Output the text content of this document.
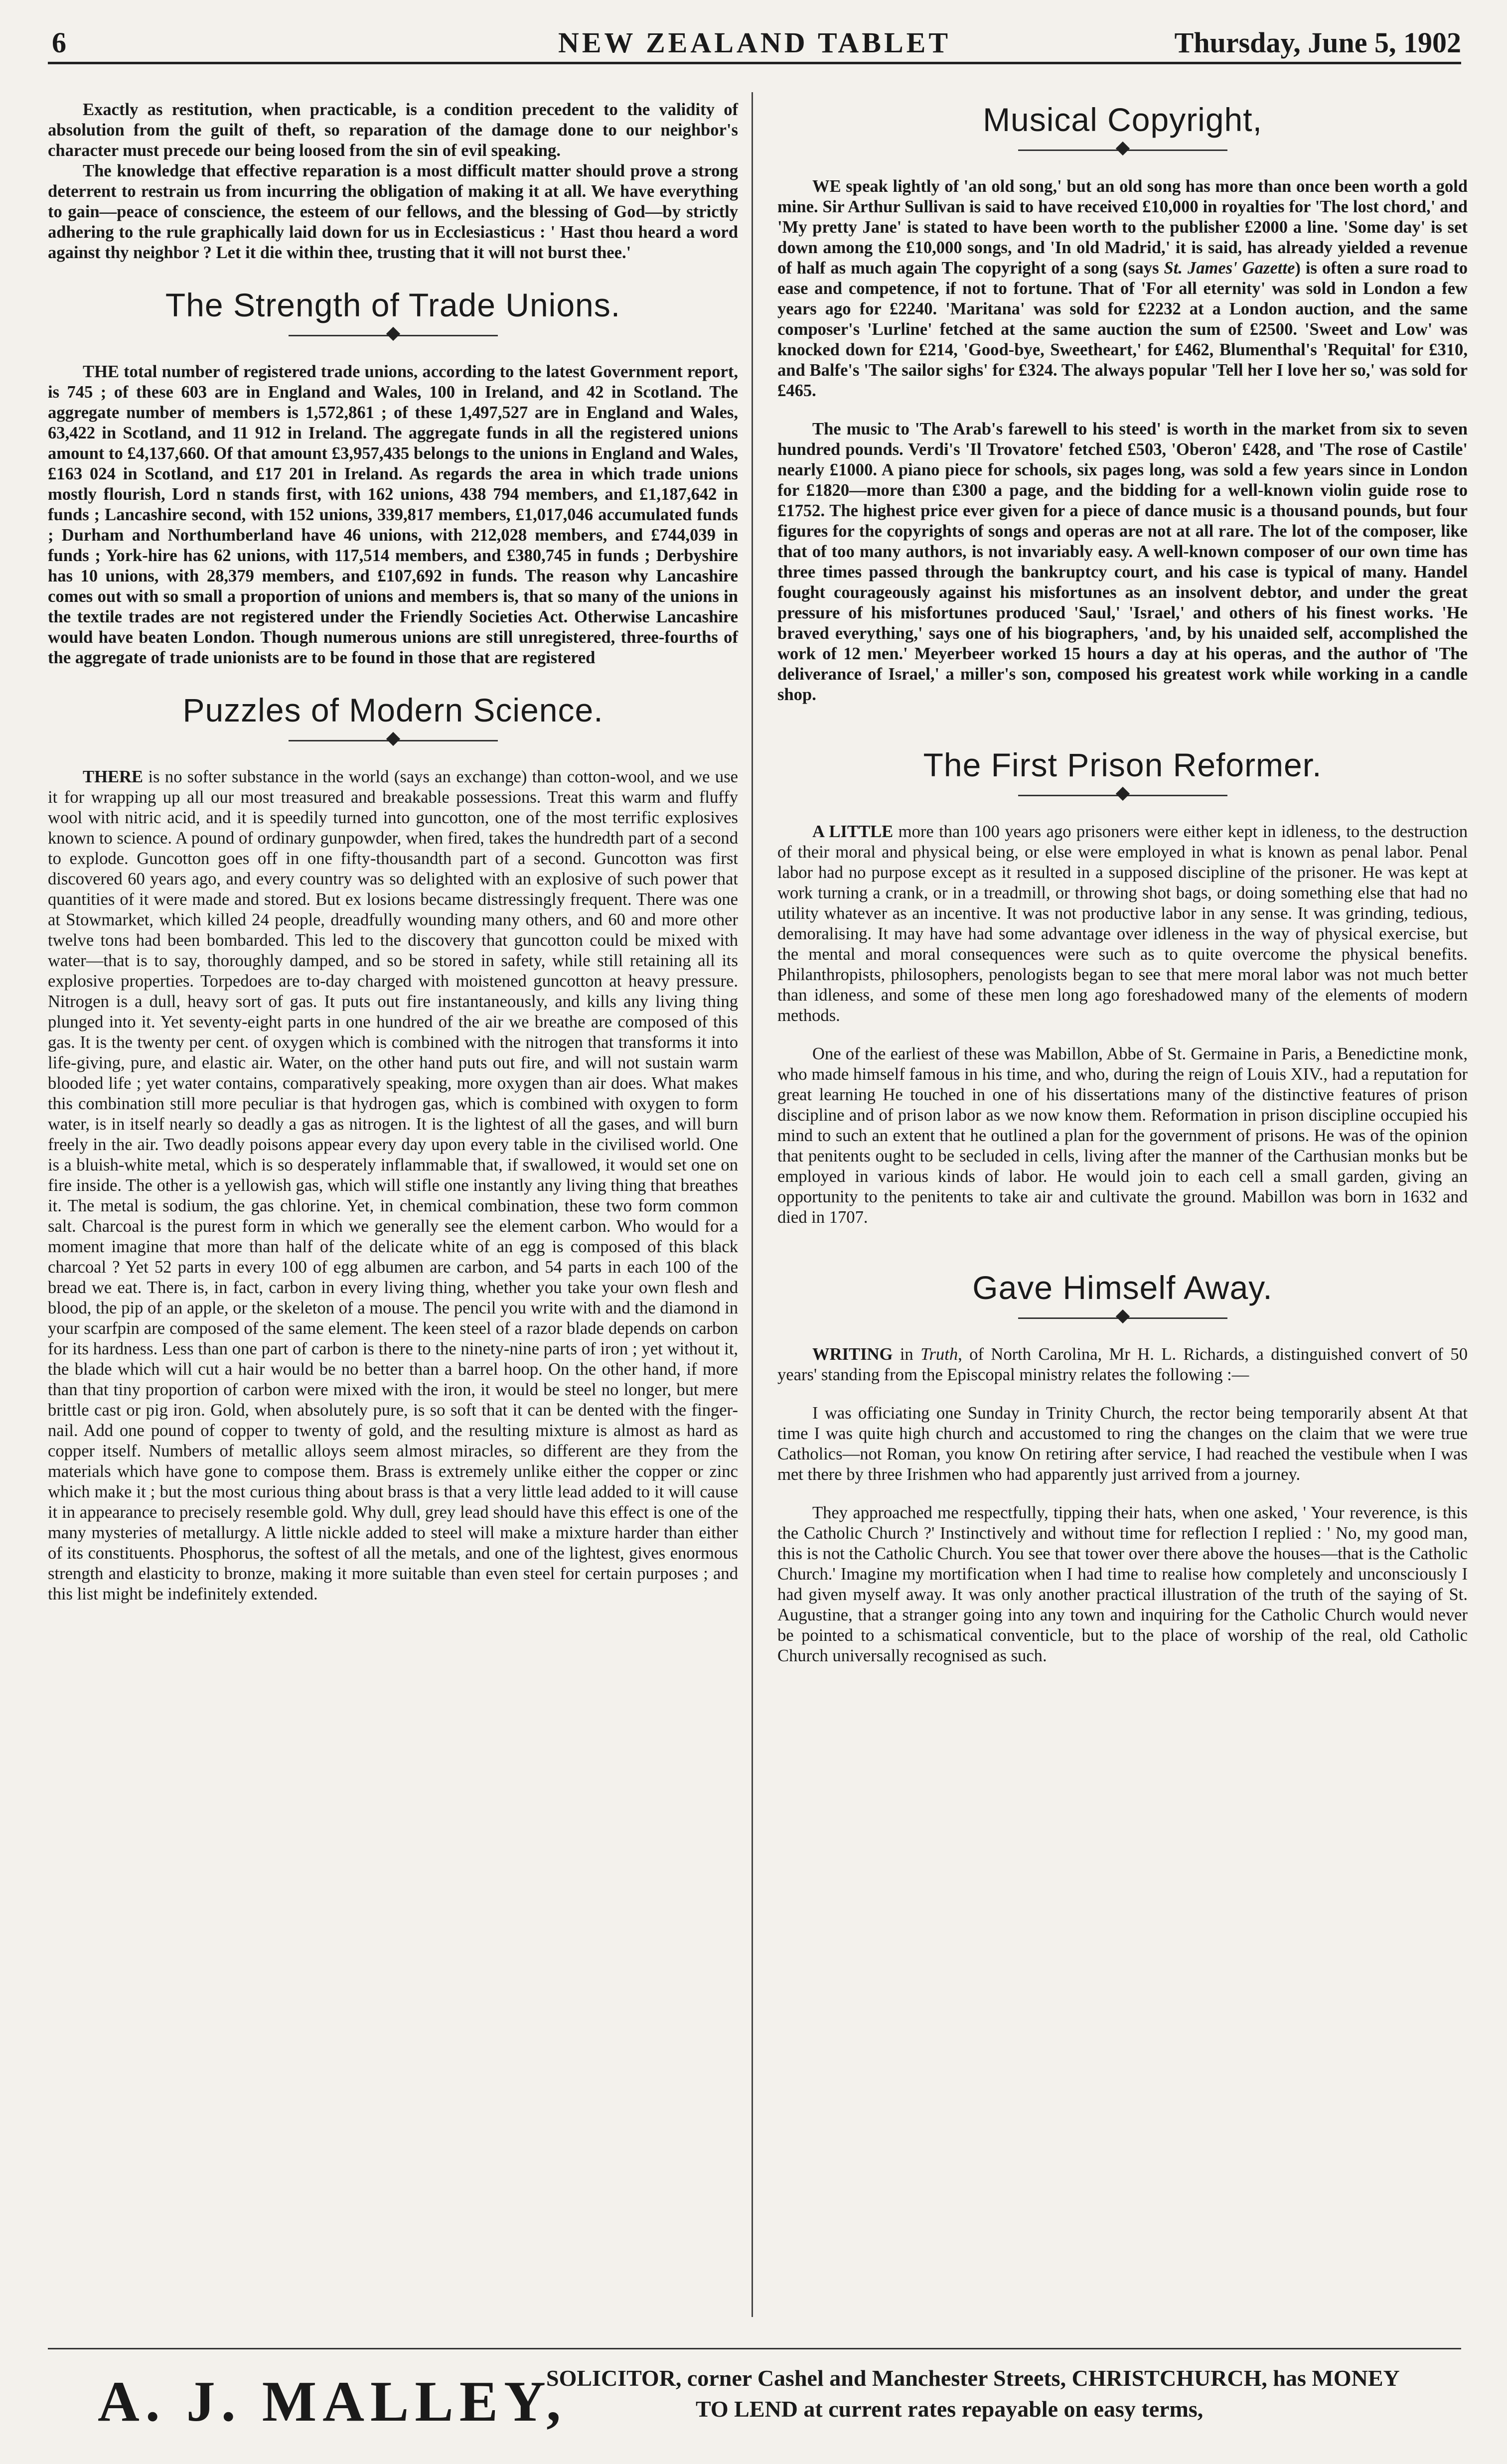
6	NEW ZEALAND TABLET	Thursday, June 5, 1902

Exactly as restitution, when practicable, is a condition precedent to the validity of absolution from the guilt of theft, so reparation of the damage done to our neighbor's character must precede our being loosed from the sin of evil speaking.

The knowledge that effective reparation is a most difficult matter should prove a strong deterrent to restrain us from incurring the obligation of making it at all. We have everything to gain—peace of conscience, the esteem of our fellows, and the blessing of God—by strictly adhering to the rule graphically laid down for us in Ecclesiasticus : ' Hast thou heard a word against thy neighbor ? Let it die within thee, trusting that it will not burst thee.'

The Strength of Trade Unions.

THE total number of registered trade unions, according to the latest Government report, is 745 ; of these 603 are in England and Wales, 100 in Ireland, and 42 in Scotland. The aggregate number of members is 1,572,861 ; of these 1,497,527 are in England and Wales, 63,422 in Scotland, and 11 912 in Ireland. The aggregate funds in all the registered unions amount to £4,137,660. Of that amount £3,957,435 belongs to the unions in England and Wales, £163 024 in Scotland, and £17 201 in Ireland. As regards the area in which trade unions mostly flourish, Lord n stands first, with 162 unions, 438 794 members, and £1,187,642 in funds ; Lancashire second, with 152 unions, 339,817 members, £1,017,046 accumulated funds ; Durham and Northumberland have 46 unions, with 212,028 members, and £744,039 in funds ; York-hire has 62 unions, with 117,514 members, and £380,745 in funds ; Derbyshire has 10 unions, with 28,379 members, and £107,692 in funds. The reason why Lancashire comes out with so small a proportion of unions and members is, that so many of the unions in the textile trades are not registered under the Friendly Societies Act. Otherwise Lancashire would have beaten London. Though numerous unions are still unregistered, three-fourths of the aggregate of trade unionists are to be found in those that are registered

Puzzles of Modern Science.

THERE is no softer substance in the world (says an exchange) than cotton-wool, and we use it for wrapping up all our most treasured and breakable possessions. Treat this warm and fluffy wool with nitric acid, and it is speedily turned into guncotton, one of the most terrific explosives known to science. A pound of ordinary gunpowder, when fired, takes the hundredth part of a second to explode. Guncotton goes off in one fifty-thousandth part of a second. Guncotton was first discovered 60 years ago, and every country was so delighted with an explosive of such power that quantities of it were made and stored. But ex losions became distressingly frequent. There was one at Stowmarket, which killed 24 people, dreadfully wounding many others, and 60 and more other twelve tons had been bombarded. This led to the discovery that guncotton could be mixed with water—that is to say, thoroughly damped, and so be stored in safety, while still retaining all its explosive properties. Torpedoes are to-day charged with moistened guncotton at heavy pressure. Nitrogen is a dull, heavy sort of gas. It puts out fire instantaneously, and kills any living thing plunged into it. Yet seventy-eight parts in one hundred of the air we breathe are composed of this gas. It is the twenty per cent. of oxygen which is combined with the nitrogen that transforms it into life-giving, pure, and elastic air. Water, on the other hand puts out fire, and will not sustain warm blooded life ; yet water contains, comparatively speaking, more oxygen than air does. What makes this combination still more peculiar is that hydrogen gas, which is combined with oxygen to form water, is in itself nearly so deadly a gas as nitrogen. It is the lightest of all the gases, and will burn freely in the air. Two deadly poisons appear every day upon every table in the civilised world. One is a bluish-white metal, which is so desperately inflammable that, if swallowed, it would set one on fire inside. The other is a yellowish gas, which will stifle one instantly any living thing that breathes it. The metal is sodium, the gas chlorine. Yet, in chemical combination, these two form common salt. Charcoal is the purest form in which we generally see the element carbon. Who would for a moment imagine that more than half of the delicate white of an egg is composed of this black charcoal ? Yet 52 parts in every 100 of egg albumen are carbon, and 54 parts in each 100 of the bread we eat. There is, in fact, carbon in every living thing, whether you take your own flesh and blood, the pip of an apple, or the skeleton of a mouse. The pencil you write with and the diamond in your scarfpin are composed of the same element. The keen steel of a razor blade depends on carbon for its hardness. Less than one part of carbon is there to the ninety-nine parts of iron ; yet without it, the blade which will cut a hair would be no better than a barrel hoop. On the other hand, if more than that tiny proportion of carbon were mixed with the iron, it would be steel no longer, but mere brittle cast or pig iron. Gold, when absolutely pure, is so soft that it can be dented with the finger-nail. Add one pound of copper to twenty of gold, and the resulting mixture is almost as hard as copper itself. Numbers of metallic alloys seem almost miracles, so different are they from the materials which have gone to compose them. Brass is extremely unlike either the copper or zinc which make it ; but the most curious thing about brass is that a very little lead added to it will cause it in appearance to precisely resemble gold. Why dull, grey lead should have this effect is one of the many mysteries of metallurgy. A little nickle added to steel will make a mixture harder than either of its constituents. Phosphorus, the softest of all the metals, and one of the lightest, gives enormous strength and elasticity to bronze, making it more suitable than even steel for certain purposes ; and this list might be indefinitely extended.

Musical Copyright,

WE speak lightly of 'an old song,' but an old song has more than once been worth a gold mine. Sir Arthur Sullivan is said to have received £10,000 in royalties for 'The lost chord,' and 'My pretty Jane' is stated to have been worth to the publisher £2000 a line. 'Some day' is set down among the £10,000 songs, and 'In old Madrid,' it is said, has already yielded a revenue of half as much again The copyright of a song (says St. James' Gazette) is often a sure road to ease and competence, if not to fortune. That of 'For all eternity' was sold in London a few years ago for £2240. 'Maritana' was sold for £2232 at a London auction, and the same composer's 'Lurline' fetched at the same auction the sum of £2500. 'Sweet and Low' was knocked down for £214, 'Good-bye, Sweetheart,' for £462, Blumenthal's 'Requital' for £310, and Balfe's 'The sailor sighs' for £324. The always popular 'Tell her I love her so,' was sold for £465.

The music to 'The Arab's farewell to his steed' is worth in the market from six to seven hundred pounds. Verdi's 'Il Trovatore' fetched £503, 'Oberon' £428, and 'The rose of Castile' nearly £1000. A piano piece for schools, six pages long, was sold a few years since in London for £1820—more than £300 a page, and the bidding for a well-known violin guide rose to £1752. The highest price ever given for a piece of dance music is a thousand pounds, but four figures for the copyrights of songs and operas are not at all rare. The lot of the composer, like that of too many authors, is not invariably easy. A well-known composer of our own time has three times passed through the bankruptcy court, and his case is typical of many. Handel fought courageously against his misfortunes as an insolvent debtor, and under the great pressure of his misfortunes produced 'Saul,' 'Israel,' and others of his finest works. 'He braved everything,' says one of his biographers, 'and, by his unaided self, accomplished the work of 12 men.' Meyerbeer worked 15 hours a day at his operas, and the author of 'The deliverance of Israel,' a miller's son, composed his greatest work while working in a candle shop.

The First Prison Reformer.

A LITTLE more than 100 years ago prisoners were either kept in idleness, to the destruction of their moral and physical being, or else were employed in what is known as penal labor. Penal labor had no purpose except as it resulted in a supposed discipline of the prisoner. He was kept at work turning a crank, or in a treadmill, or throwing shot bags, or doing something else that had no utility whatever as an incentive. It was not productive labor in any sense. It was grinding, tedious, demoralising. It may have had some advantage over idleness in the way of physical exercise, but the mental and moral consequences were such as to quite overcome the physical benefits. Philanthropists, philosophers, penologists began to see that mere moral labor was not much better than idleness, and some of these men long ago foreshadowed many of the elements of modern methods.

One of the earliest of these was Mabillon, Abbe of St. Germaine in Paris, a Benedictine monk, who made himself famous in his time, and who, during the reign of Louis XIV., had a reputation for great learning He touched in one of his dissertations many of the distinctive features of prison discipline and of prison labor as we now know them. Reformation in prison discipline occupied his mind to such an extent that he outlined a plan for the government of prisons. He was of the opinion that penitents ought to be secluded in cells, living after the manner of the Carthusian monks but be employed in various kinds of labor. He would join to each cell a small garden, giving an opportunity to the penitents to take air and cultivate the ground. Mabillon was born in 1632 and died in 1707.

Gave Himself Away.

WRITING in Truth, of North Carolina, Mr H. L. Richards, a distinguished convert of 50 years' standing from the Episcopal ministry relates the following :—

I was officiating one Sunday in Trinity Church, the rector being temporarily absent At that time I was quite high church and accustomed to ring the changes on the claim that we were true Catholics—not Roman, you know On retiring after service, I had reached the vestibule when I was met there by three Irishmen who had apparently just arrived from a journey.

They approached me respectfully, tipping their hats, when one asked, ' Your reverence, is this the Catholic Church ?' Instinctively and without time for reflection I replied : ' No, my good man, this is not the Catholic Church. You see that tower over there above the houses—that is the Catholic Church.' Imagine my mortification when I had time to realise how completely and unconsciously I had given myself away. It was only another practical illustration of the truth of the saying of St. Augustine, that a stranger going into any town and inquiring for the Catholic Church would never be pointed to a schismatical conventicle, but to the place of worship of the real, old Catholic Church universally recognised as such.

A. J. MALLEY,
SOLICITOR, corner Cashel and Manchester Streets, CHRISTCHURCH, has MONEY
TO LEND at current rates repayable on easy terms,
